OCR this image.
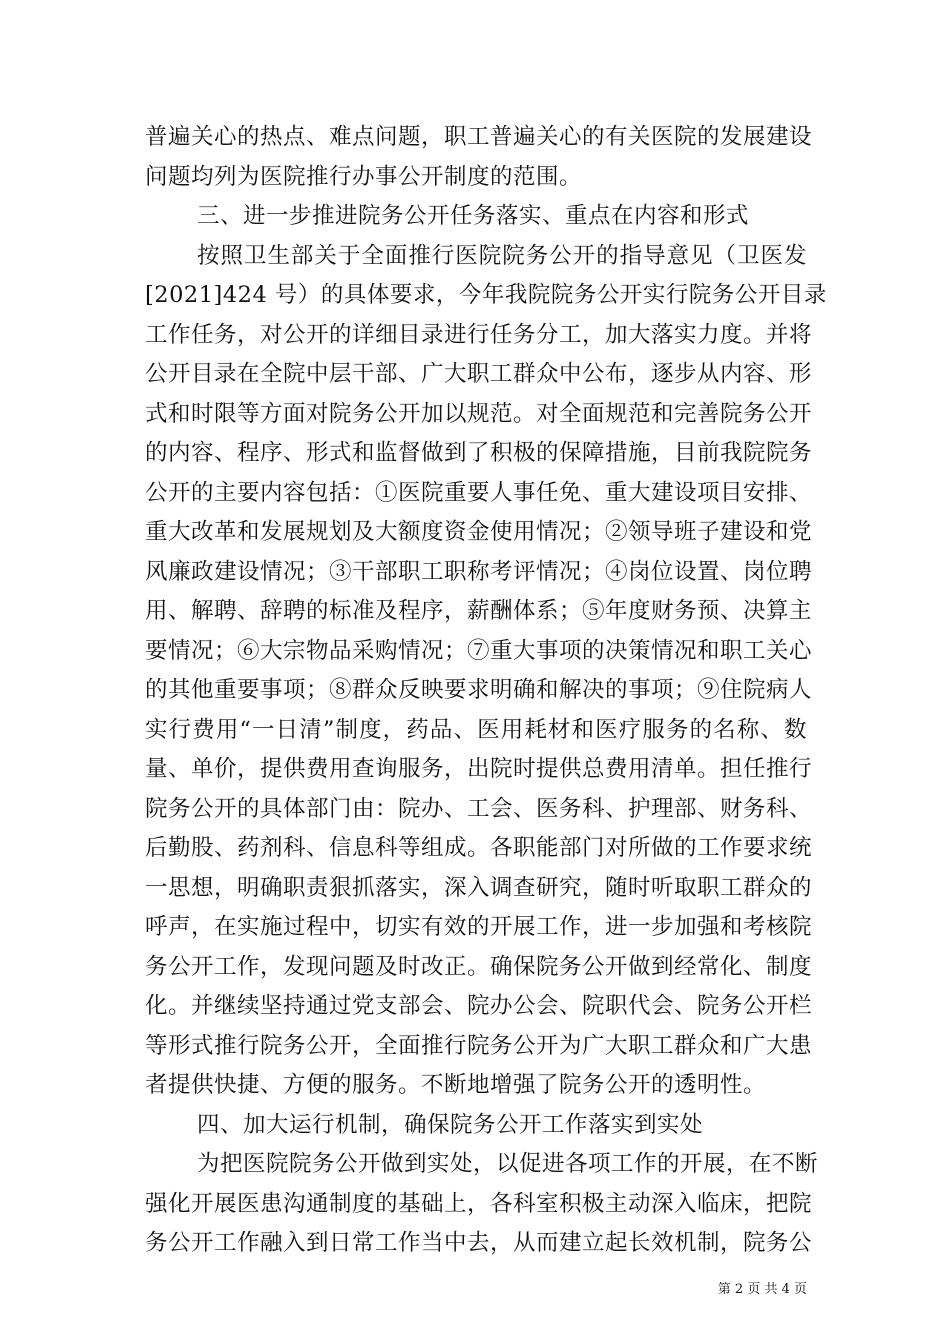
普遍关心的热点、难点问题，职工普遍关心的有关医院的发展建设
问题均列为医院推行办事公开制度的范围。
三、进一步推进院务公开任务落实、重点在内容和形式
按照卫生部关于全面推行医院院务公开的指导意见（卫医发
[2021]424 号）的具体要求，今年我院院务公开实行院务公开目录
工作任务，对公开的详细目录进行任务分工，加大落实力度。并将
公开目录在全院中层干部、广大职工群众中公布，逐步从内容、形
式和时限等方面对院务公开加以规范。对全面规范和完善院务公开
的内容、程序、形式和监督做到了积极的保障措施，目前我院院务
公开的主要内容包括：①医院重要人事任免、重大建设项目安排、
重大改革和发展规划及大额度资金使用情况；②领导班子建设和党
风廉政建设情况；③干部职工职称考评情况；④岗位设置、岗位聘
用、解聘、辞聘的标准及程序，薪酬体系；⑤年度财务预、决算主
要情况；⑥大宗物品采购情况；⑦重大事项的决策情况和职工关心
的其他重要事项；⑧群众反映要求明确和解决的事项；⑨住院病人
实行费用“一日清”制度，药品、医用耗材和医疗服务的名称、数
量、单价，提供费用查询服务，出院时提供总费用清单。担任推行
院务公开的具体部门由：院办、工会、医务科、护理部、财务科、
后勤股、药剂科、信息科等组成。各职能部门对所做的工作要求统
一思想，明确职责狠抓落实，深入调查研究，随时听取职工群众的
呼声，在实施过程中，切实有效的开展工作，进一步加强和考核院
务公开工作，发现问题及时改正。确保院务公开做到经常化、制度
化。并继续坚持通过党支部会、院办公会、院职代会、院务公开栏
等形式推行院务公开，全面推行院务公开为广大职工群众和广大患
者提供快捷、方便的服务。不断地增强了院务公开的透明性。
四、加大运行机制，确保院务公开工作落实到实处
为把医院院务公开做到实处，以促进各项工作的开展，在不断
强化开展医患沟通制度的基础上，各科室积极主动深入临床，把院
务公开工作融入到日常工作当中去，从而建立起长效机制，院务公
第 2 页 共 4 页
